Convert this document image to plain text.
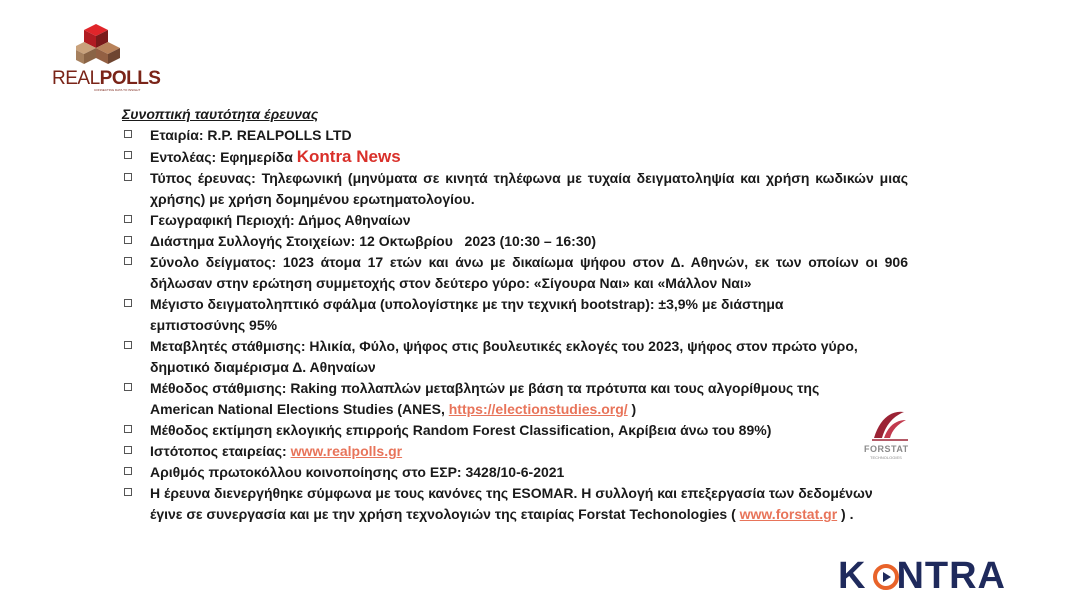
REALPOLLS
CONNECTING DATA TO INSIGHT
Συνοπτική ταυτότητα έρευνας
Εταιρία: R.P. REALPOLLS LTD
Εντολέας: Εφημερίδα Kontra News
Τύπος έρευνας: Τηλεφωνική (μηνύματα σε κινητά τηλέφωνα με τυχαία δειγματοληψία και χρήση κωδικών μιας χρήσης) με χρήση δομημένου ερωτηματολογίου.
Γεωγραφική Περιοχή: Δήμος Αθηναίων
Διάστημα Συλλογής Στοιχείων: 12 Οκτωβρίου   2023 (10:30 – 16:30)
Σύνολο δείγματος: 1023 άτομα 17 ετών και άνω με δικαίωμα ψήφου στον Δ. Αθηνών, εκ των οποίων οι 906 δήλωσαν στην ερώτηση συμμετοχής στον δεύτερο γύρο: «Σίγουρα Ναι» και «Μάλλον Ναι»
Μέγιστο δειγματοληπτικό σφάλμα (υπολογίστηκε με την τεχνική bootstrap): ±3,9% με διάστημα εμπιστοσύνης 95%
Μεταβλητές στάθμισης: Ηλικία, Φύλο, ψήφος στις βουλευτικές εκλογές του 2023, ψήφος στον πρώτο γύρο, δημοτικό διαμέρισμα Δ. Αθηναίων
Μέθοδος στάθμισης: Raking πολλαπλών μεταβλητών με βάση τα πρότυπα και τους αλγορίθμους της American National Elections Studies (ANES, https://electionstudies.org/ )
Μέθοδος εκτίμηση εκλογικής επιρροής Random Forest Classification, Ακρίβεια άνω του 89%)
Ιστότοπος εταιρείας: www.realpolls.gr
Αριθμός πρωτοκόλλου κοινοποίησης στο ΕΣΡ: 3428/10-6-2021
Η έρευνα διενεργήθηκε σύμφωνα με τους κανόνες της ESOMAR. Η συλλογή και επεξεργασία των δεδομένων έγινε σε συνεργασία και με την χρήση τεχνολογιών της εταιρίας Forstat Techonologies ( www.forstat.gr ) .
FORSTAT
TECHNOLOGIES
K NTRA
